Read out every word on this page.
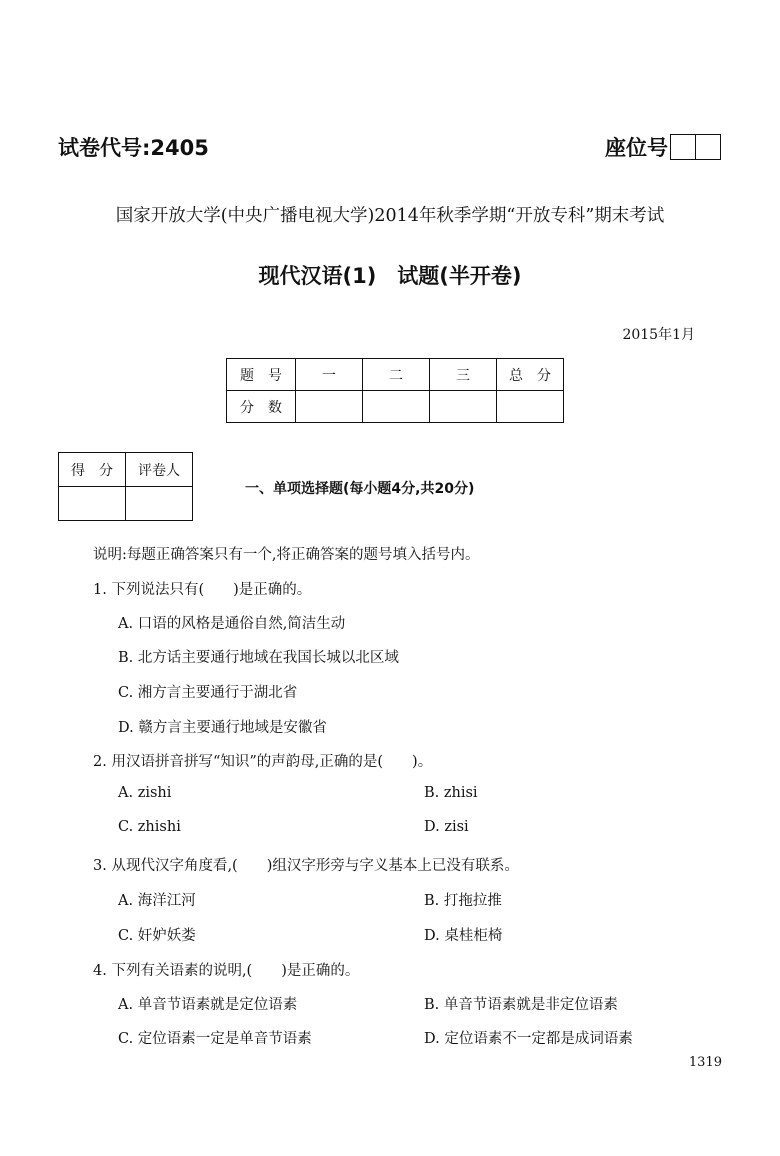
试卷代号:2405	座位号
国家开放大学(中央广播电视大学)2014年秋季学期“开放专科”期末考试
现代汉语(1)　试题(半开卷)
2015年1月
题　号	一	二	三	总　分
分　数				
得　分	评卷人

一、单项选择题(每小题4分,共20分)
说明:每题正确答案只有一个,将正确答案的题号填入括号内。
1. 下列说法只有(　　)是正确的。
A. 口语的风格是通俗自然,简洁生动
B. 北方话主要通行地域在我国长城以北区域
C. 湘方言主要通行于湖北省
D. 赣方言主要通行地域是安徽省
2. 用汉语拼音拼写“知识”的声韵母,正确的是(　　)。
A. zishi	B. zhisi
C. zhishi	D. zisi
3. 从现代汉字角度看,(　　)组汉字形旁与字义基本上已没有联系。
A. 海洋江河	B. 打拖拉推
C. 奸妒妖娄	D. 桌桂柜椅
4. 下列有关语素的说明,(　　)是正确的。
A. 单音节语素就是定位语素	B. 单音节语素就是非定位语素
C. 定位语素一定是单音节语素	D. 定位语素不一定都是成词语素
1319
